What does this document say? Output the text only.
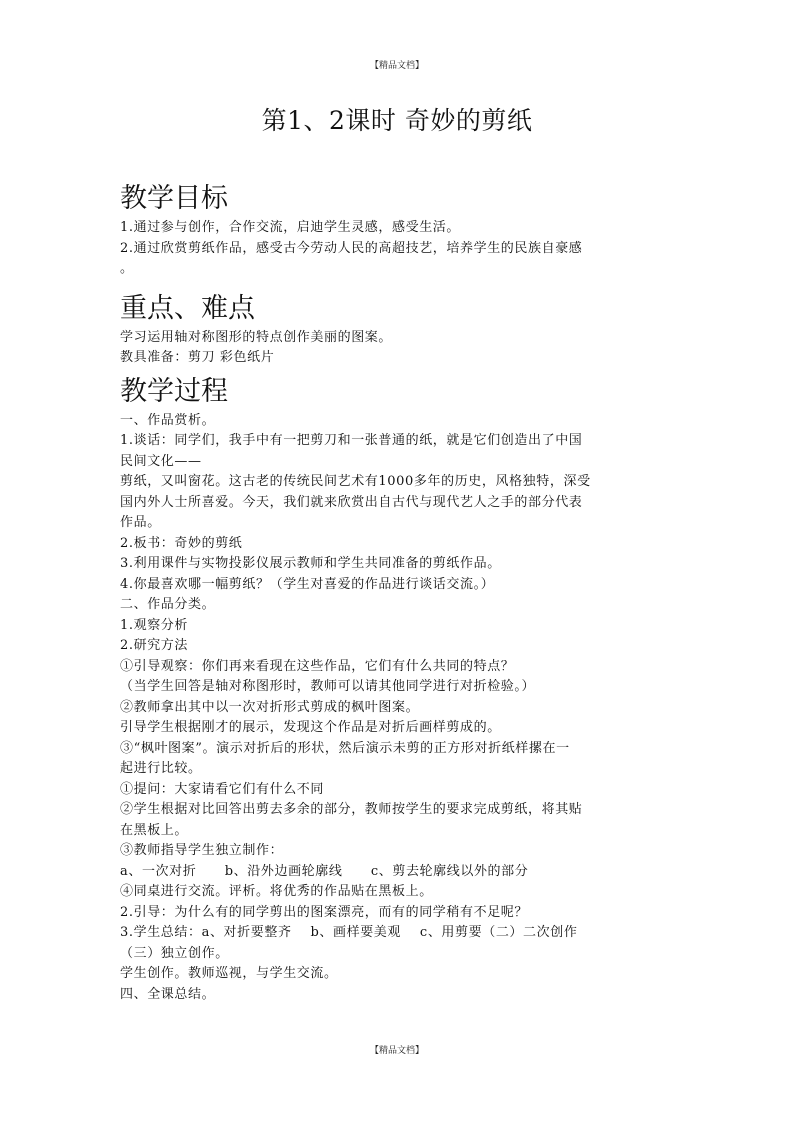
【精品文档】
第1、2课时 奇妙的剪纸
教学目标

1.通过参与创作，合作交流，启迪学生灵感，感受生活。

2.通过欣赏剪纸作品，感受古今劳动人民的高超技艺，培养学生的民族自豪感

。

重点、难点

学习运用轴对称图形的特点创作美丽的图案。

教具准备：剪刀 彩色纸片

教学过程

一、作品赏析。

1.谈话：同学们，我手中有一把剪刀和一张普通的纸，就是它们创造出了中国

民间文化——

剪纸，又叫窗花。这古老的传统民间艺术有1000多年的历史，风格独特，深受

国内外人士所喜爱。今天，我们就来欣赏出自古代与现代艺人之手的部分代表

作品。

2.板书：奇妙的剪纸

3.利用课件与实物投影仪展示教师和学生共同准备的剪纸作品。

4.你最喜欢哪一幅剪纸？（学生对喜爱的作品进行谈话交流。）

二、作品分类。

1.观察分析

2.研究方法

①引导观察：你们再来看现在这些作品，它们有什么共同的特点？

（当学生回答是轴对称图形时，教师可以请其他同学进行对折检验。）

②教师拿出其中以一次对折形式剪成的枫叶图案。

引导学生根据刚才的展示，发现这个作品是对折后画样剪成的。

③“枫叶图案”。演示对折后的形状，然后演示未剪的正方形对折纸样摞在一

起进行比较。

①提问：大家请看它们有什么不同

②学生根据对比回答出剪去多余的部分，教师按学生的要求完成剪纸，将其贴

在黑板上。

③教师指导学生独立制作：

a、一次对折      b、沿外边画轮廓线      c、剪去轮廓线以外的部分

④同桌进行交流。评析。将优秀的作品贴在黑板上。

2.引导：为什么有的同学剪出的图案漂亮，而有的同学稍有不足呢？

3.学生总结：a、对折要整齐    b、画样要美观    c、用剪要（二）二次创作

（三）独立创作。

学生创作。教师巡视，与学生交流。

四、全课总结。

【精品文档】
